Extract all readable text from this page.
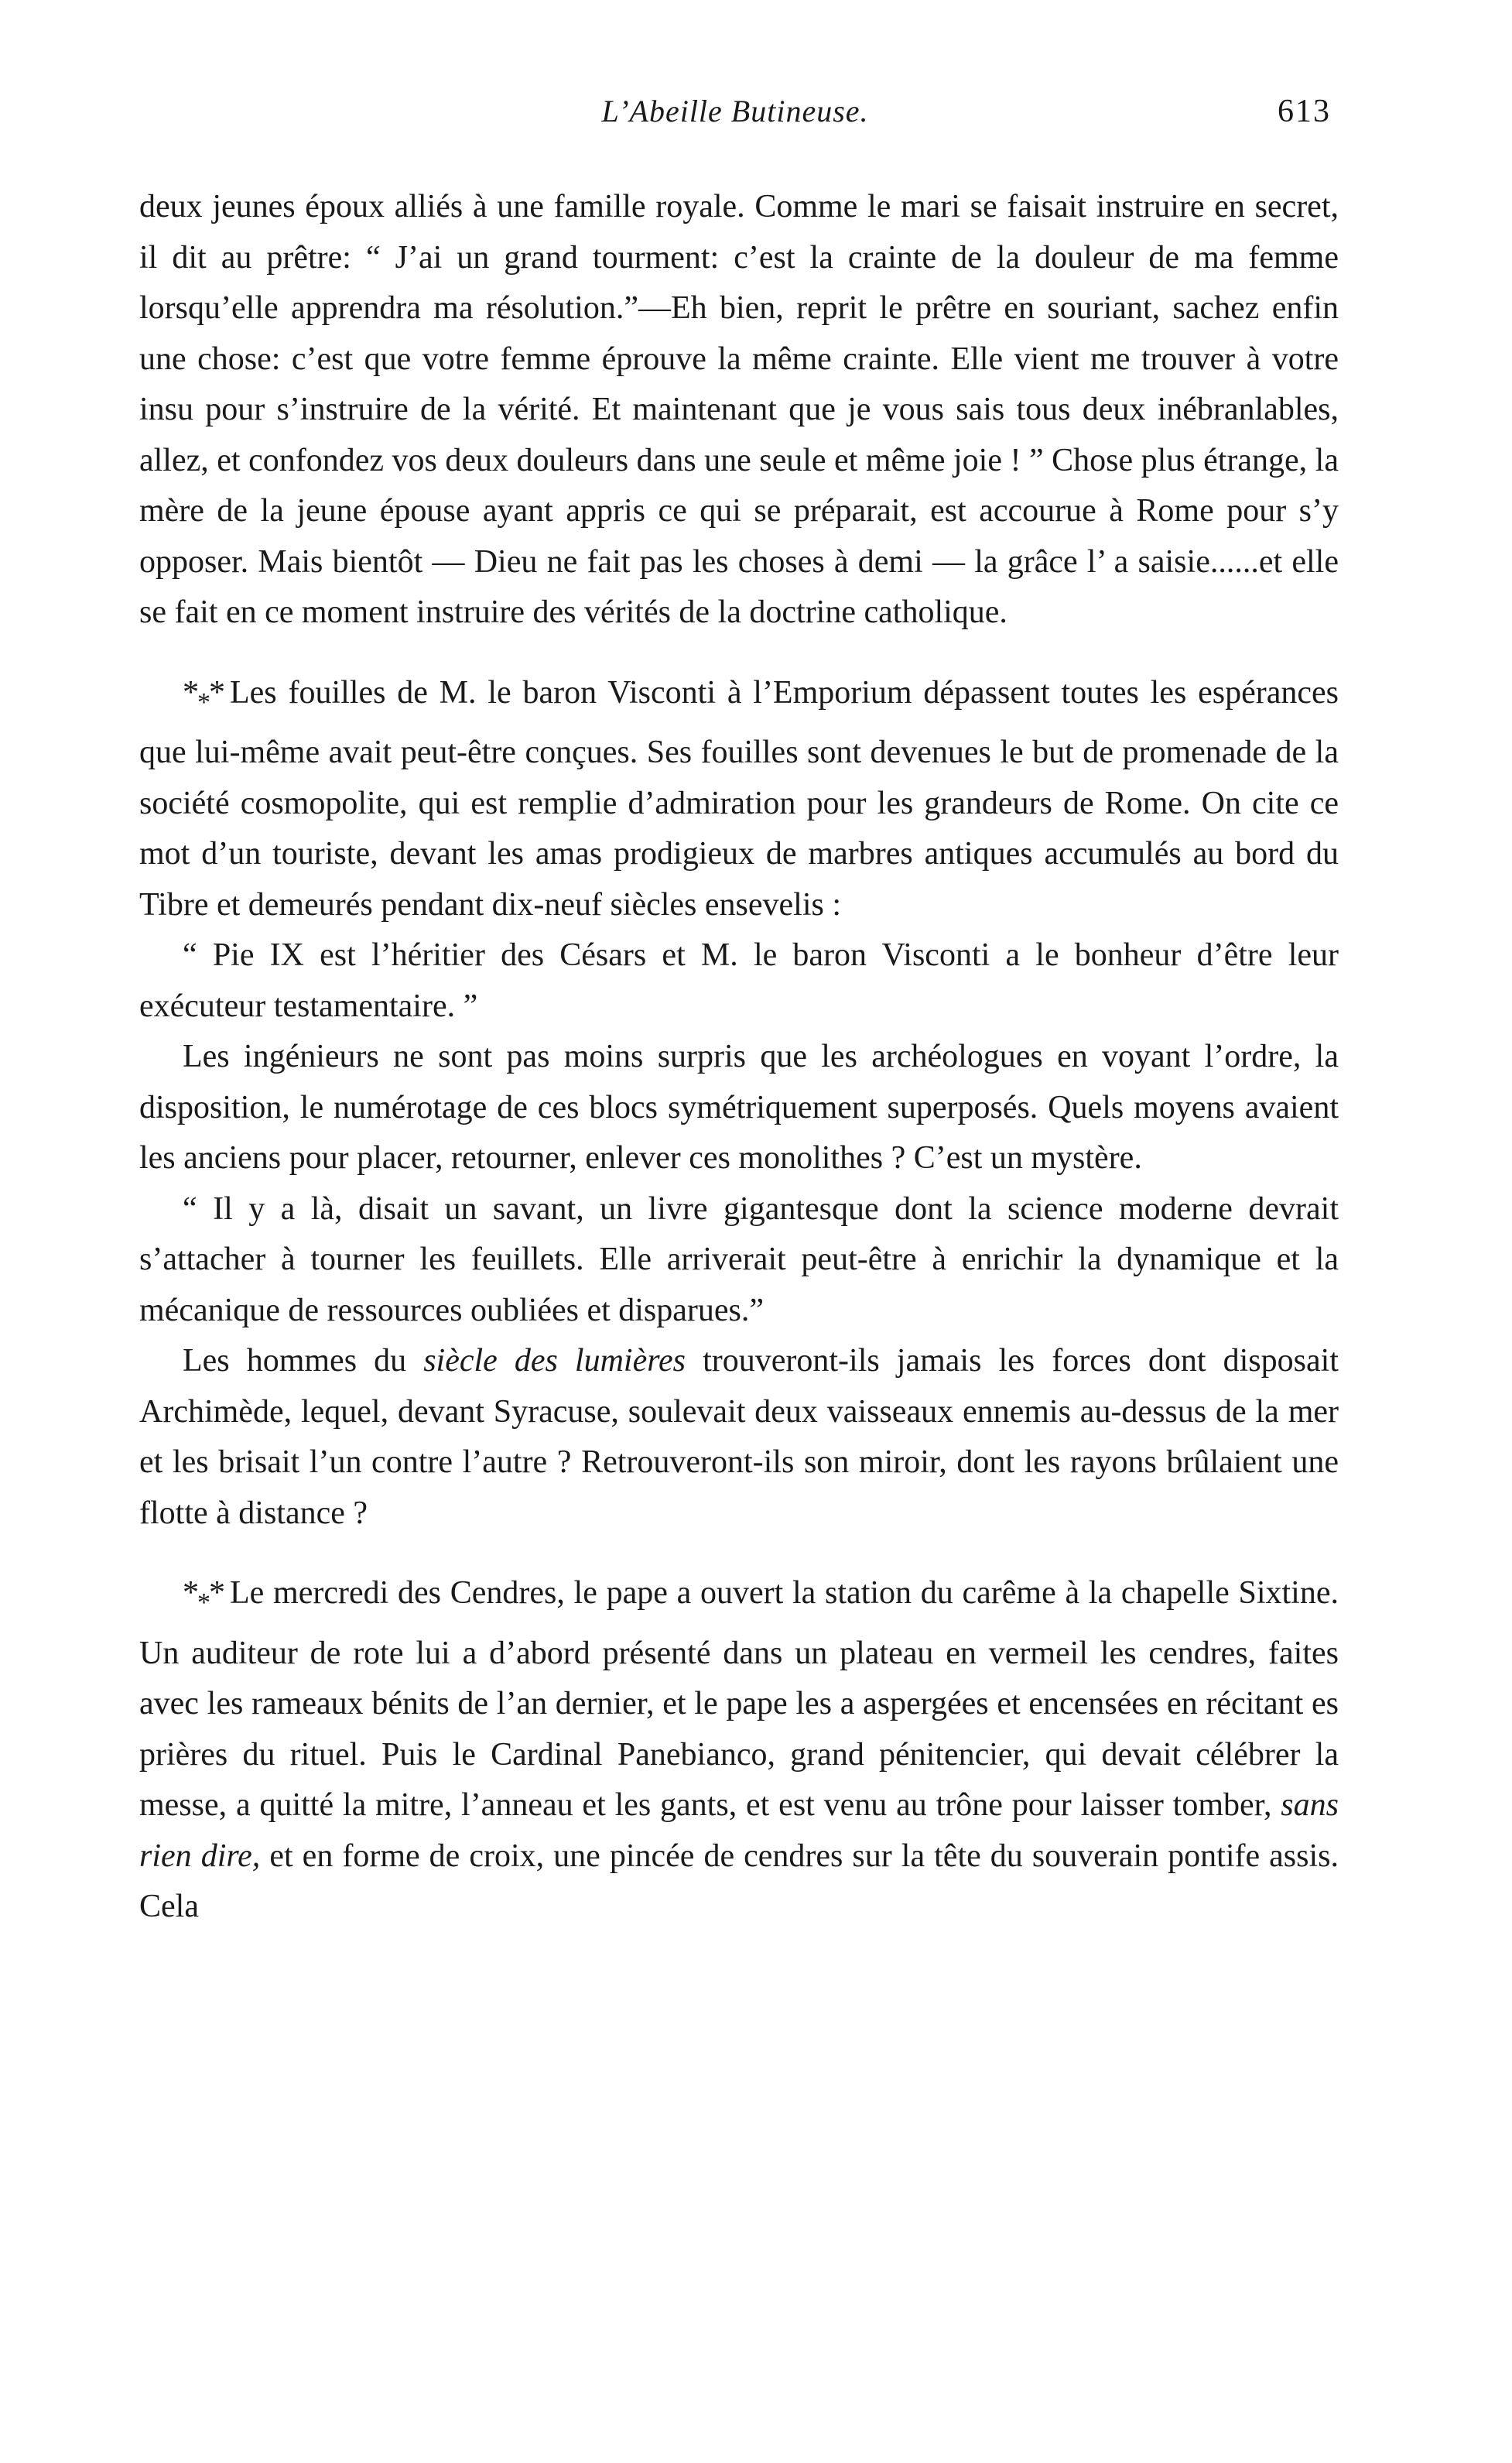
L’Abeille Butineuse.	613

deux jeunes époux alliés à une famille royale. Comme le mari se faisait instruire en secret, il dit au prêtre: “ J’ai un grand tourment: c’est la crainte de la douleur de ma femme lorsqu’elle apprendra ma résolution.”—Eh bien, reprit le prêtre en souriant, sachez enfin une chose: c’est que votre femme éprouve la même crainte. Elle vient me trouver à votre insu pour s’instruire de la vérité. Et maintenant que je vous sais tous deux inébranlables, allez, et confondez vos deux douleurs dans une seule et même joie ! ” Chose plus étrange, la mère de la jeune épouse ayant appris ce qui se préparait, est accourue à Rome pour s’y opposer. Mais bientôt — Dieu ne fait pas les choses à demi — la grâce l’ a saisie......et elle se fait en ce moment instruire des vérités de la doctrine catholique.

$*_**$ Les fouilles de M. le baron Visconti à l’Emporium dépassent toutes les espérances que lui-même avait peut-être conçues. Ses fouilles sont devenues le but de promenade de la société cosmopolite, qui est remplie d’admiration pour les grandeurs de Rome. On cite ce mot d’un touriste, devant les amas prodigieux de marbres antiques accumulés au bord du Tibre et demeurés pendant dix-neuf siècles ensevelis :

“ Pie IX est l’héritier des Césars et M. le baron Visconti a le bonheur d’être leur exécuteur testamentaire. ”

Les ingénieurs ne sont pas moins surpris que les archéologues en voyant l’ordre, la disposition, le numérotage de ces blocs symétriquement superposés. Quels moyens avaient les anciens pour placer, retourner, enlever ces monolithes ? C’est un mystère.

“ Il y a là, disait un savant, un livre gigantesque dont la science moderne devrait s’attacher à tourner les feuillets. Elle arriverait peut-être à enrichir la dynamique et la mécanique de ressources oubliées et disparues.”

Les hommes du siècle des lumières trouveront-ils jamais les forces dont disposait Archimède, lequel, devant Syracuse, soulevait deux vaisseaux ennemis au-dessus de la mer et les brisait l’un contre l’autre ? Retrouveront-ils son miroir, dont les rayons brûlaient une flotte à distance ?

$*_**$ Le mercredi des Cendres, le pape a ouvert la station du carême à la chapelle Sixtine. Un auditeur de rote lui a d’abord présenté dans un plateau en vermeil les cendres, faites avec les rameaux bénits de l’an dernier, et le pape les a aspergées et encensées en récitant es prières du rituel. Puis le Cardinal Panebianco, grand pénitencier, qui devait célébrer la messe, a quitté la mitre, l’anneau et les gants, et est venu au trône pour laisser tomber, sans rien dire, et en forme de croix, une pincée de cendres sur la tête du souverain pontife assis. Cela
